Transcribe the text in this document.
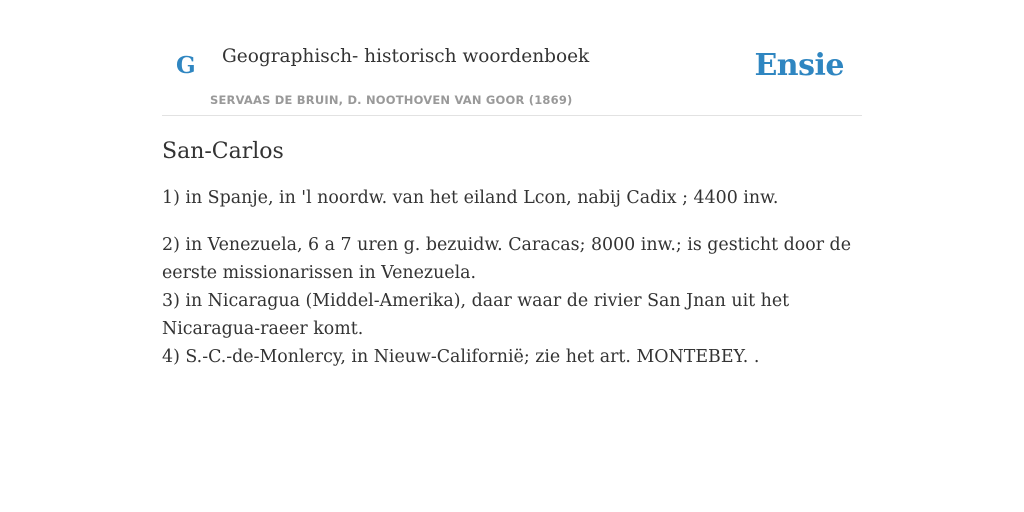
G Geographisch- historisch woordenboek
SERVAAS DE BRUIN, D. NOOTHOVEN VAN GOOR (1869)
Ensie
San-Carlos

1) in Spanje, in 'l noordw. van het eiland Lcon, nabij Cadix ; 4400 inw.

2) in Venezuela, 6 a 7 uren g. bezuidw. Caracas; 8000 inw.; is gesticht door de eerste missionarissen in Venezuela.

3) in Nicaragua (Middel-Amerika), daar waar de rivier San Jnan uit het Nicaragua-raeer komt.

4) S.-C.-de-Monlercy, in Nieuw-Californië; zie het art. MONTEBEY. .
